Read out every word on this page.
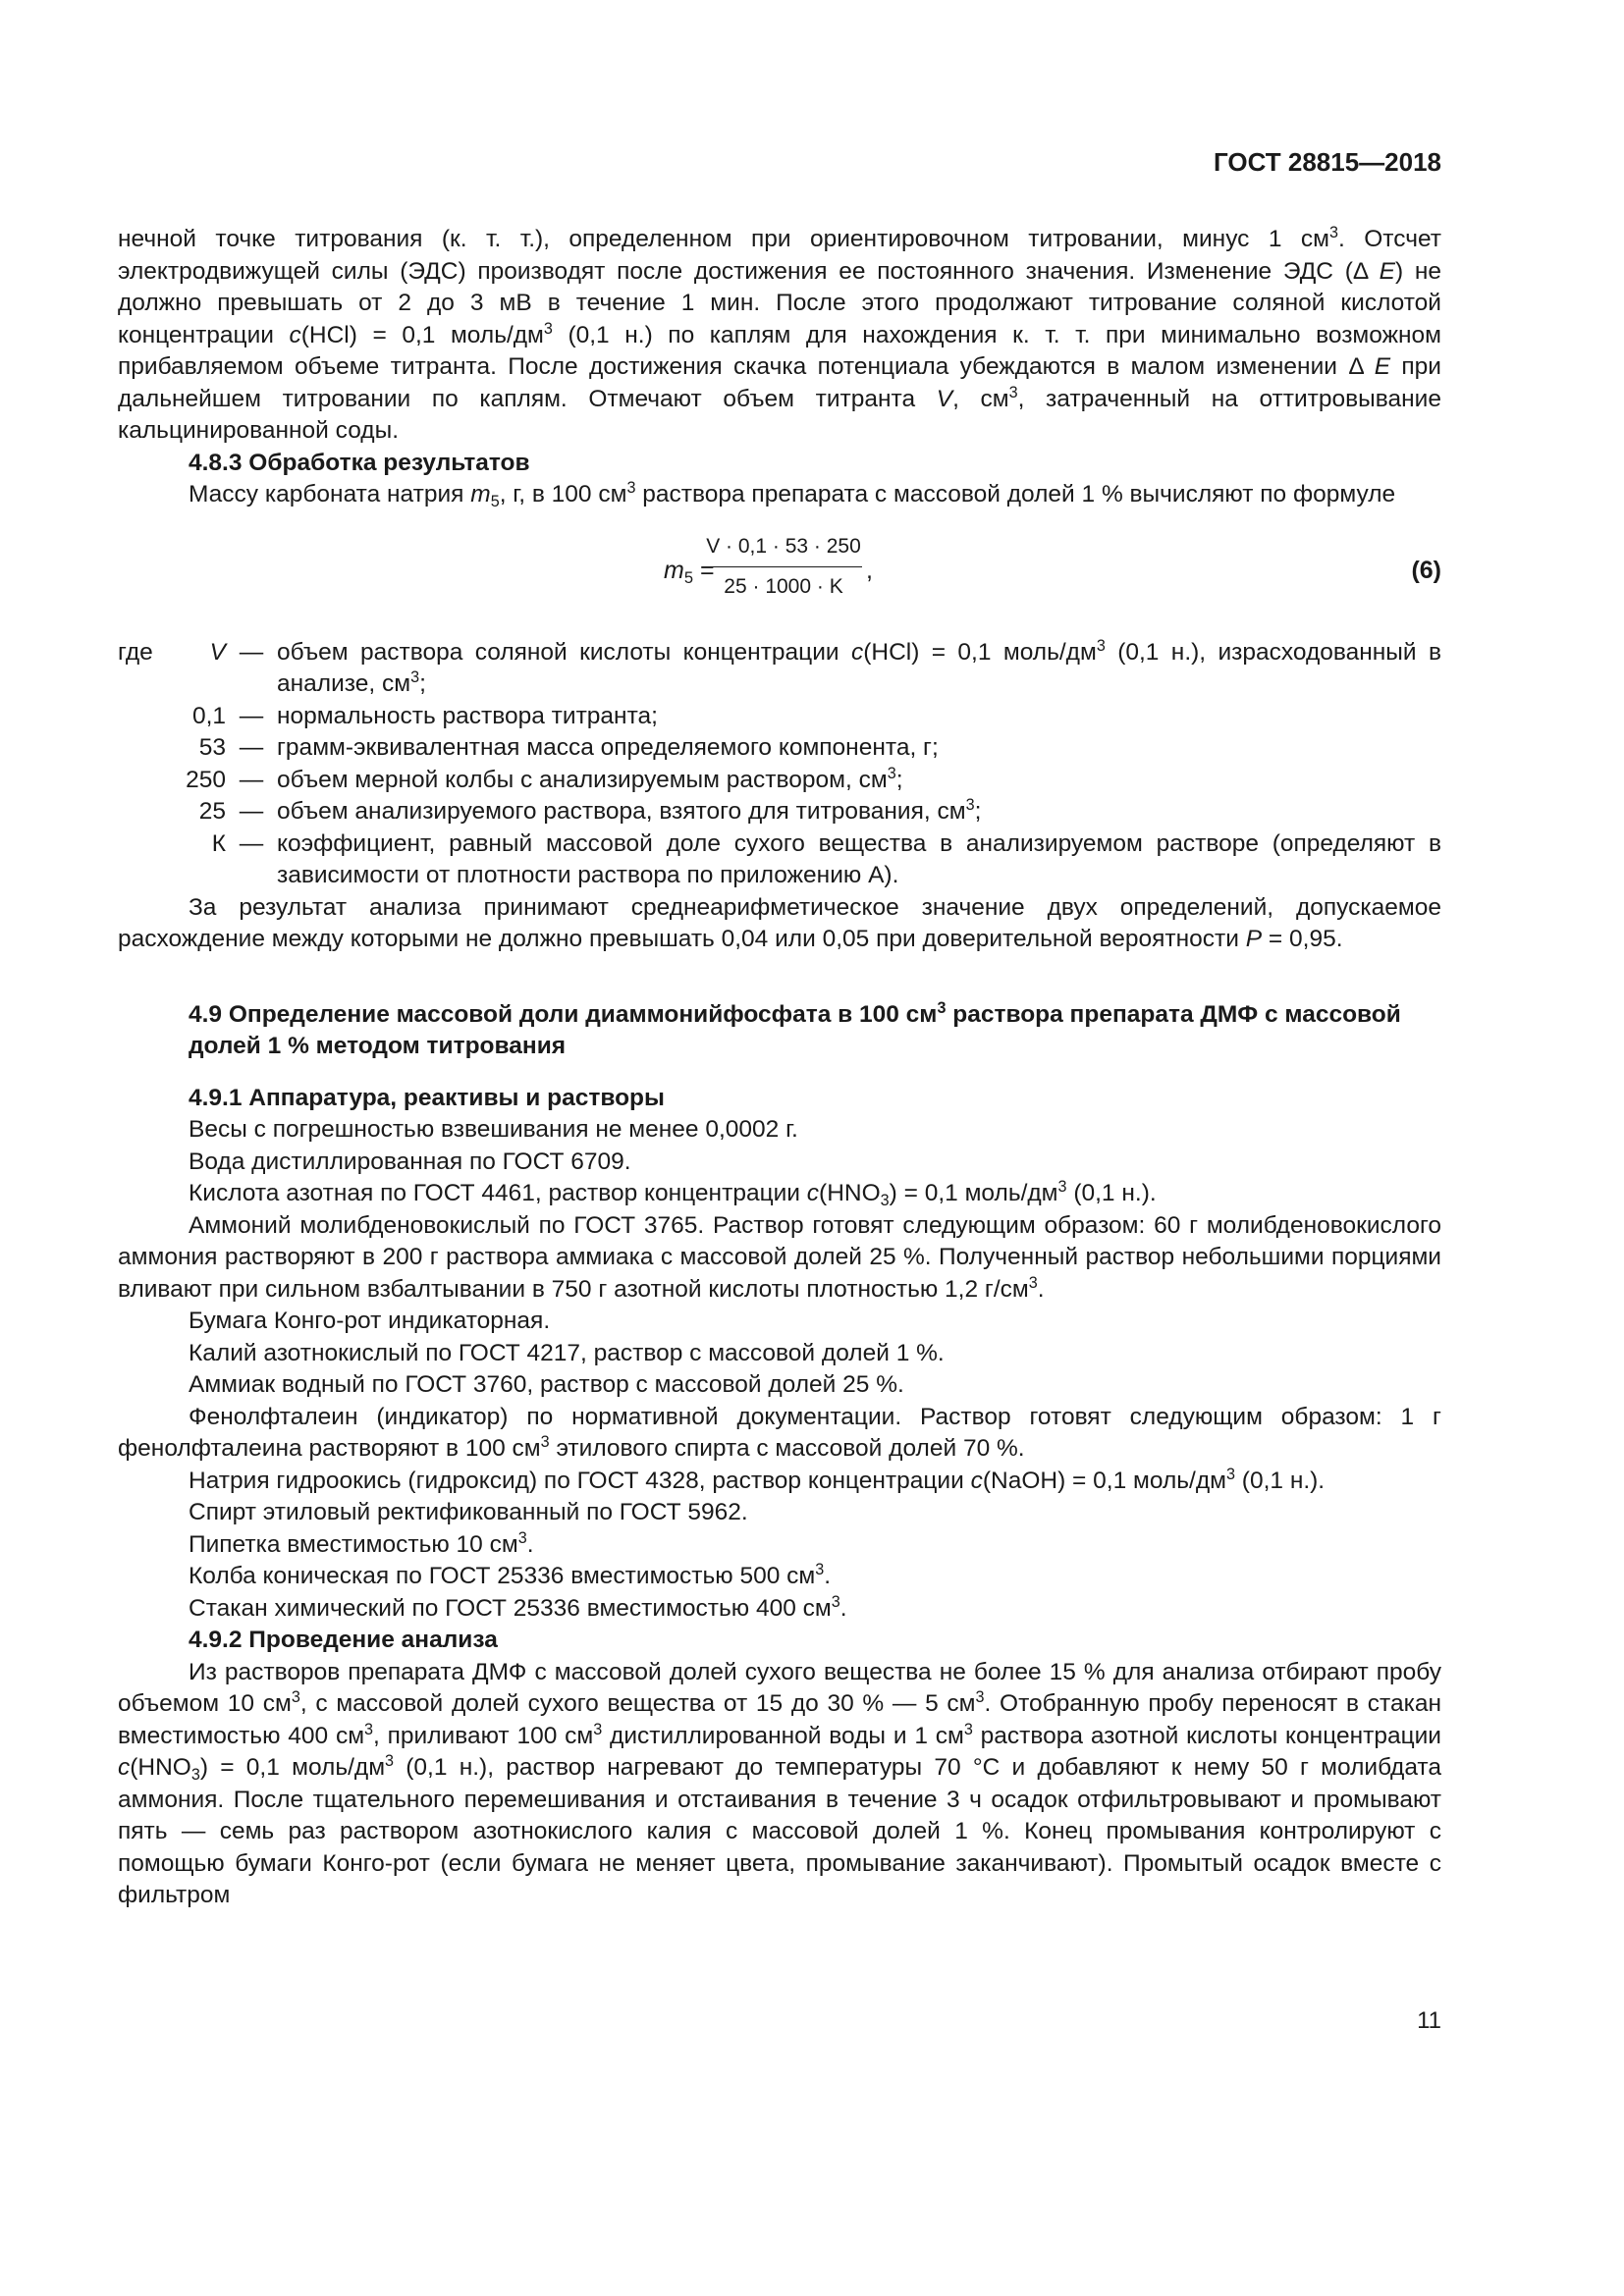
ГОСТ 28815—2018

нечной точке титрования (к. т. т.), определенном при ориентировочном титровании, минус 1 $см^3$. Отсчет электродвижущей силы (ЭДС) производят после достижения ее постоянного значения. Изменение ЭДС (Δ E) не должно превышать от 2 до 3 мВ в течение 1 мин. После этого продолжают титрование соляной кислотой концентрации c(HCl) = 0,1 моль/$дм^3$ (0,1 н.) по каплям для нахождения к. т. т. при минимально возможном прибавляемом объеме титранта. После достижения скачка потенциала убеждаются в малом изменении Δ E при дальнейшем титровании по каплям. Отмечают объем титранта V, $см^3$, затраченный на оттитровывание кальцинированной соды.

4.8.3 Обработка результатов

Массу карбоната натрия $m_5$, г, в 100 $см^3$ раствора препарата с массовой долей 1 % вычисляют по формуле

$m_5$ =
$\frac{V \cdot 0,1 \cdot 53 \cdot 250}{25 \cdot 1000 \cdot K}$ ,	(6)
где V — объем раствора соляной кислоты концентрации c(HCl) = 0,1 моль/$дм^3$ (0,1 н.), израсходованный в анализе, $см^3$;
0,1 — нормальность раствора титранта;
53 — грамм-эквивалентная масса определяемого компонента, г;
250 — объем мерной колбы с анализируемым раствором, $см^3$;
25 — объем анализируемого раствора, взятого для титрования, $см^3$;
К — коэффициент, равный массовой доле сухого вещества в анализируемом растворе (определяют в зависимости от плотности раствора по приложению А).

За результат анализа принимают среднеарифметическое значение двух определений, допускаемое расхождение между которыми не должно превышать 0,04 или 0,05 при доверительной вероятности P = 0,95.

4.9 Определение массовой доли диаммонийфосфата в 100 $см^3$ раствора препарата ДМФ с массовой долей 1 % методом титрования

4.9.1 Аппаратура, реактивы и растворы

Весы с погрешностью взвешивания не менее 0,0002 г.

Вода дистиллированная по ГОСТ 6709.

Кислота азотная по ГОСТ 4461, раствор концентрации $c(HNO_3) = 0,1$ моль/$дм^3$ (0,1 н.).

Аммоний молибденовокислый по ГОСТ 3765. Раствор готовят следующим образом: 60 г молибденовокислого аммония растворяют в 200 г раствора аммиака с массовой долей 25 %. Полученный раствор небольшими порциями вливают при сильном взбалтывании в 750 г азотной кислоты плотностью 1,2 $г/см^3$.

Бумага Конго-рот индикаторная.

Калий азотнокислый по ГОСТ 4217, раствор с массовой долей 1 %.

Аммиак водный по ГОСТ 3760, раствор с массовой долей 25 %.

Фенолфталеин (индикатор) по нормативной документации. Раствор готовят следующим образом: 1 г фенолфталеина растворяют в 100 $см^3$ этилового спирта с массовой долей 70 %.

Натрия гидроокись (гидроксид) по ГОСТ 4328, раствор концентрации c(NaOH) = 0,1 моль/$дм^3$ (0,1 н.).

Спирт этиловый ректификованный по ГОСТ 5962.

Пипетка вместимостью 10 $см^3$.

Колба коническая по ГОСТ 25336 вместимостью 500 $см^3$.

Стакан химический по ГОСТ 25336 вместимостью 400 $см^3$.

4.9.2 Проведение анализа

Из растворов препарата ДМФ с массовой долей сухого вещества не более 15 % для анализа отбирают пробу объемом 10 $см^3$, с массовой долей сухого вещества от 15 до 30 % — 5 $см^3$. Отобранную пробу переносят в стакан вместимостью 400 $см^3$, приливают 100 $см^3$ дистиллированной воды и 1 $см^3$ раствора азотной кислоты концентрации $c(HNO_3) = 0,1$ моль/$дм^3$ (0,1 н.), раствор нагревают до температуры 70 °С и добавляют к нему 50 г молибдата аммония. После тщательного перемешивания и отстаивания в течение 3 ч осадок отфильтровывают и промывают пять — семь раз раствором азотнокислого калия с массовой долей 1 %. Конец промывания контролируют с помощью бумаги Конго-рот (если бумага не меняет цвета, промывание заканчивают). Промытый осадок вместе с фильтром

11
